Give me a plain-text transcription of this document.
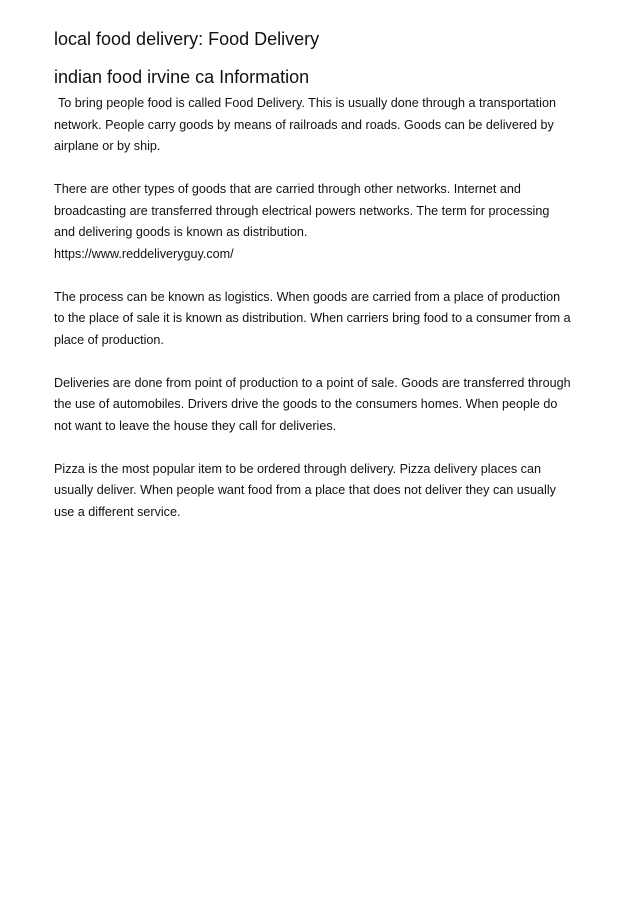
local food delivery: Food Delivery
indian food irvine ca Information

To bring people food is called Food Delivery. This is usually done through a transportation
network. People carry goods by means of railroads and roads. Goods can be delivered by
airplane or by ship.

There are other types of goods that are carried through other networks. Internet and
broadcasting are transferred through electrical powers networks. The term for processing
and delivering goods is known as distribution.
https://www.reddeliveryguy.com/

The process can be known as logistics. When goods are carried from a place of production
to the place of sale it is known as distribution. When carriers bring food to a consumer from a
place of production.

Deliveries are done from point of production to a point of sale. Goods are transferred through
the use of automobiles. Drivers drive the goods to the consumers homes. When people do
not want to leave the house they call for deliveries.

Pizza is the most popular item to be ordered through delivery. Pizza delivery places can
usually deliver. When people want food from a place that does not deliver they can usually
use a different service.
